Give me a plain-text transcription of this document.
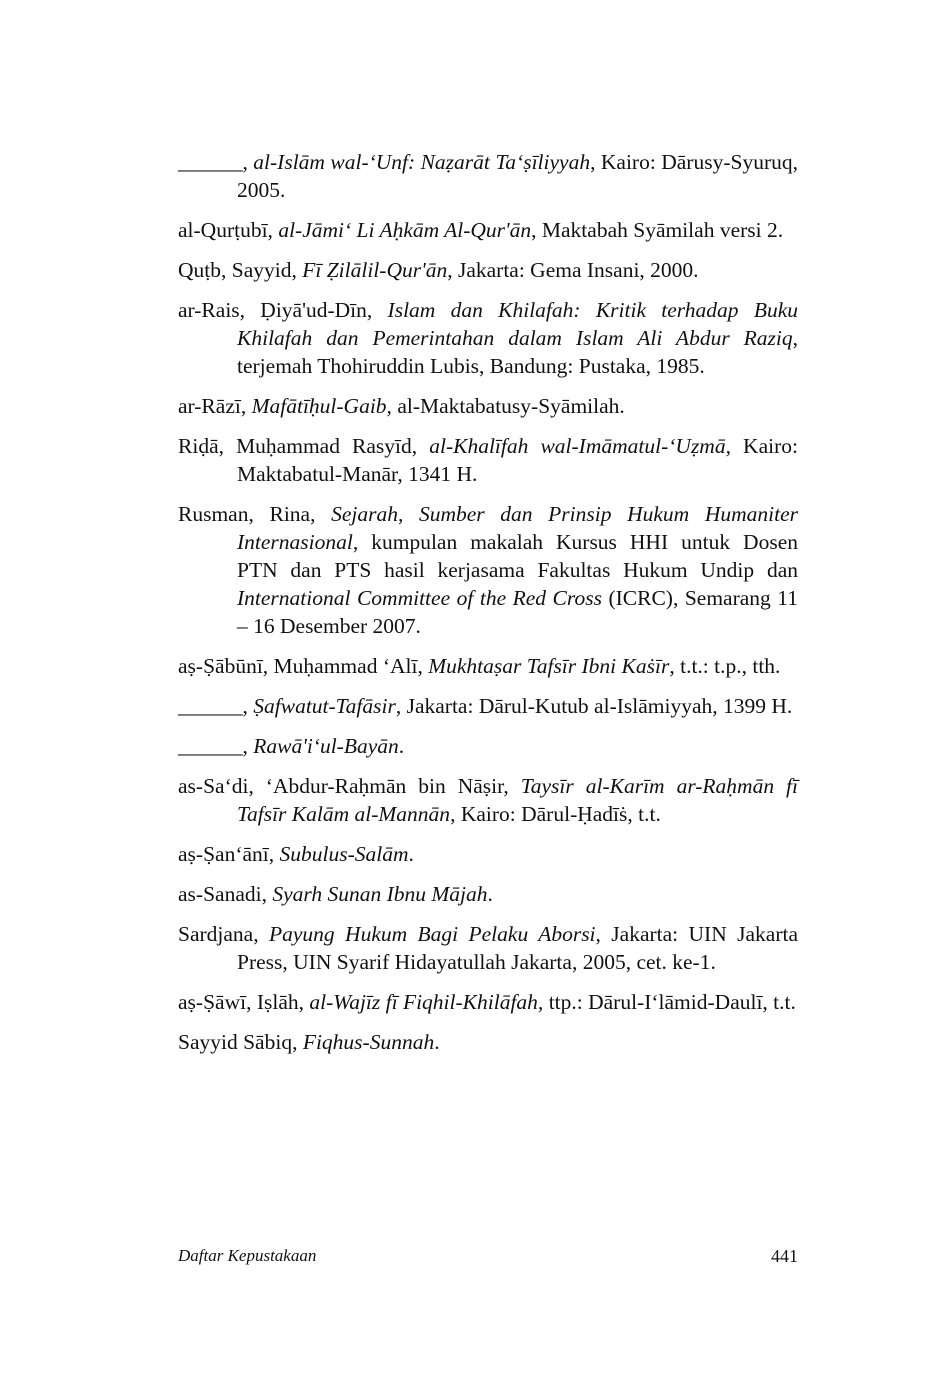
______, al-Islām wal-‘Unf: Naẓarāt Ta‘ṣīliyyah, Kairo: Dārusy-Syuruq, 2005.

al-Qurṭubī, al-Jāmi‘ Li Aḥkām Al-Qur'ān, Maktabah Syāmilah versi 2.

Quṭb, Sayyid, Fī Ẓilālil-Qur'ān, Jakarta: Gema Insani, 2000.

ar-Rais, Ḍiyā'ud-Dīn, Islam dan Khilafah: Kritik terhadap Buku Khilafah dan Pemerintahan dalam Islam Ali Abdur Raziq, terjemah Thohiruddin Lubis, Bandung: Pustaka, 1985.

ar-Rāzī, Mafātīḥul-Gaib, al-Maktabatusy-Syāmilah.

Riḍā, Muḥammad Rasyīd, al-Khalīfah wal-Imāmatul-‘Uẓmā, Kairo: Maktabatul-Manār, 1341 H.

Rusman, Rina, Sejarah, Sumber dan Prinsip Hukum Humaniter Internasional, kumpulan makalah Kursus HHI untuk Dosen PTN dan PTS hasil kerjasama Fakultas Hukum Undip dan International Committee of the Red Cross (ICRC), Semarang 11 – 16 Desember 2007.

aṣ-Ṣābūnī, Muḥammad ‘Alī, Mukhtaṣar Tafsīr Ibni Kaṡīr, t.t.: t.p., tth.

______, Ṣafwatut-Tafāsir, Jakarta: Dārul-Kutub al-Islāmiyyah, 1399 H.

______, Rawā'i‘ul-Bayān.

as-Sa‘di, ‘Abdur-Raḥmān bin Nāṣir, Taysīr al-Karīm ar-Raḥmān fī Tafsīr Kalām al-Mannān, Kairo: Dārul-Ḥadīṡ, t.t.

aṣ-Ṣan‘ānī, Subulus-Salām.

as-Sanadi, Syarh Sunan Ibnu Mājah.

Sardjana, Payung Hukum Bagi Pelaku Aborsi, Jakarta: UIN Jakarta Press, UIN Syarif Hidayatullah Jakarta, 2005, cet. ke-1.

aṣ-Ṣāwī, Iṣlāh, al-Wajīz fī Fiqhil-Khilāfah, ttp.: Dārul-I‘lāmid-Daulī, t.t.

Sayyid Sābiq, Fiqhus-Sunnah.

Daftar Kepustakaan	441
